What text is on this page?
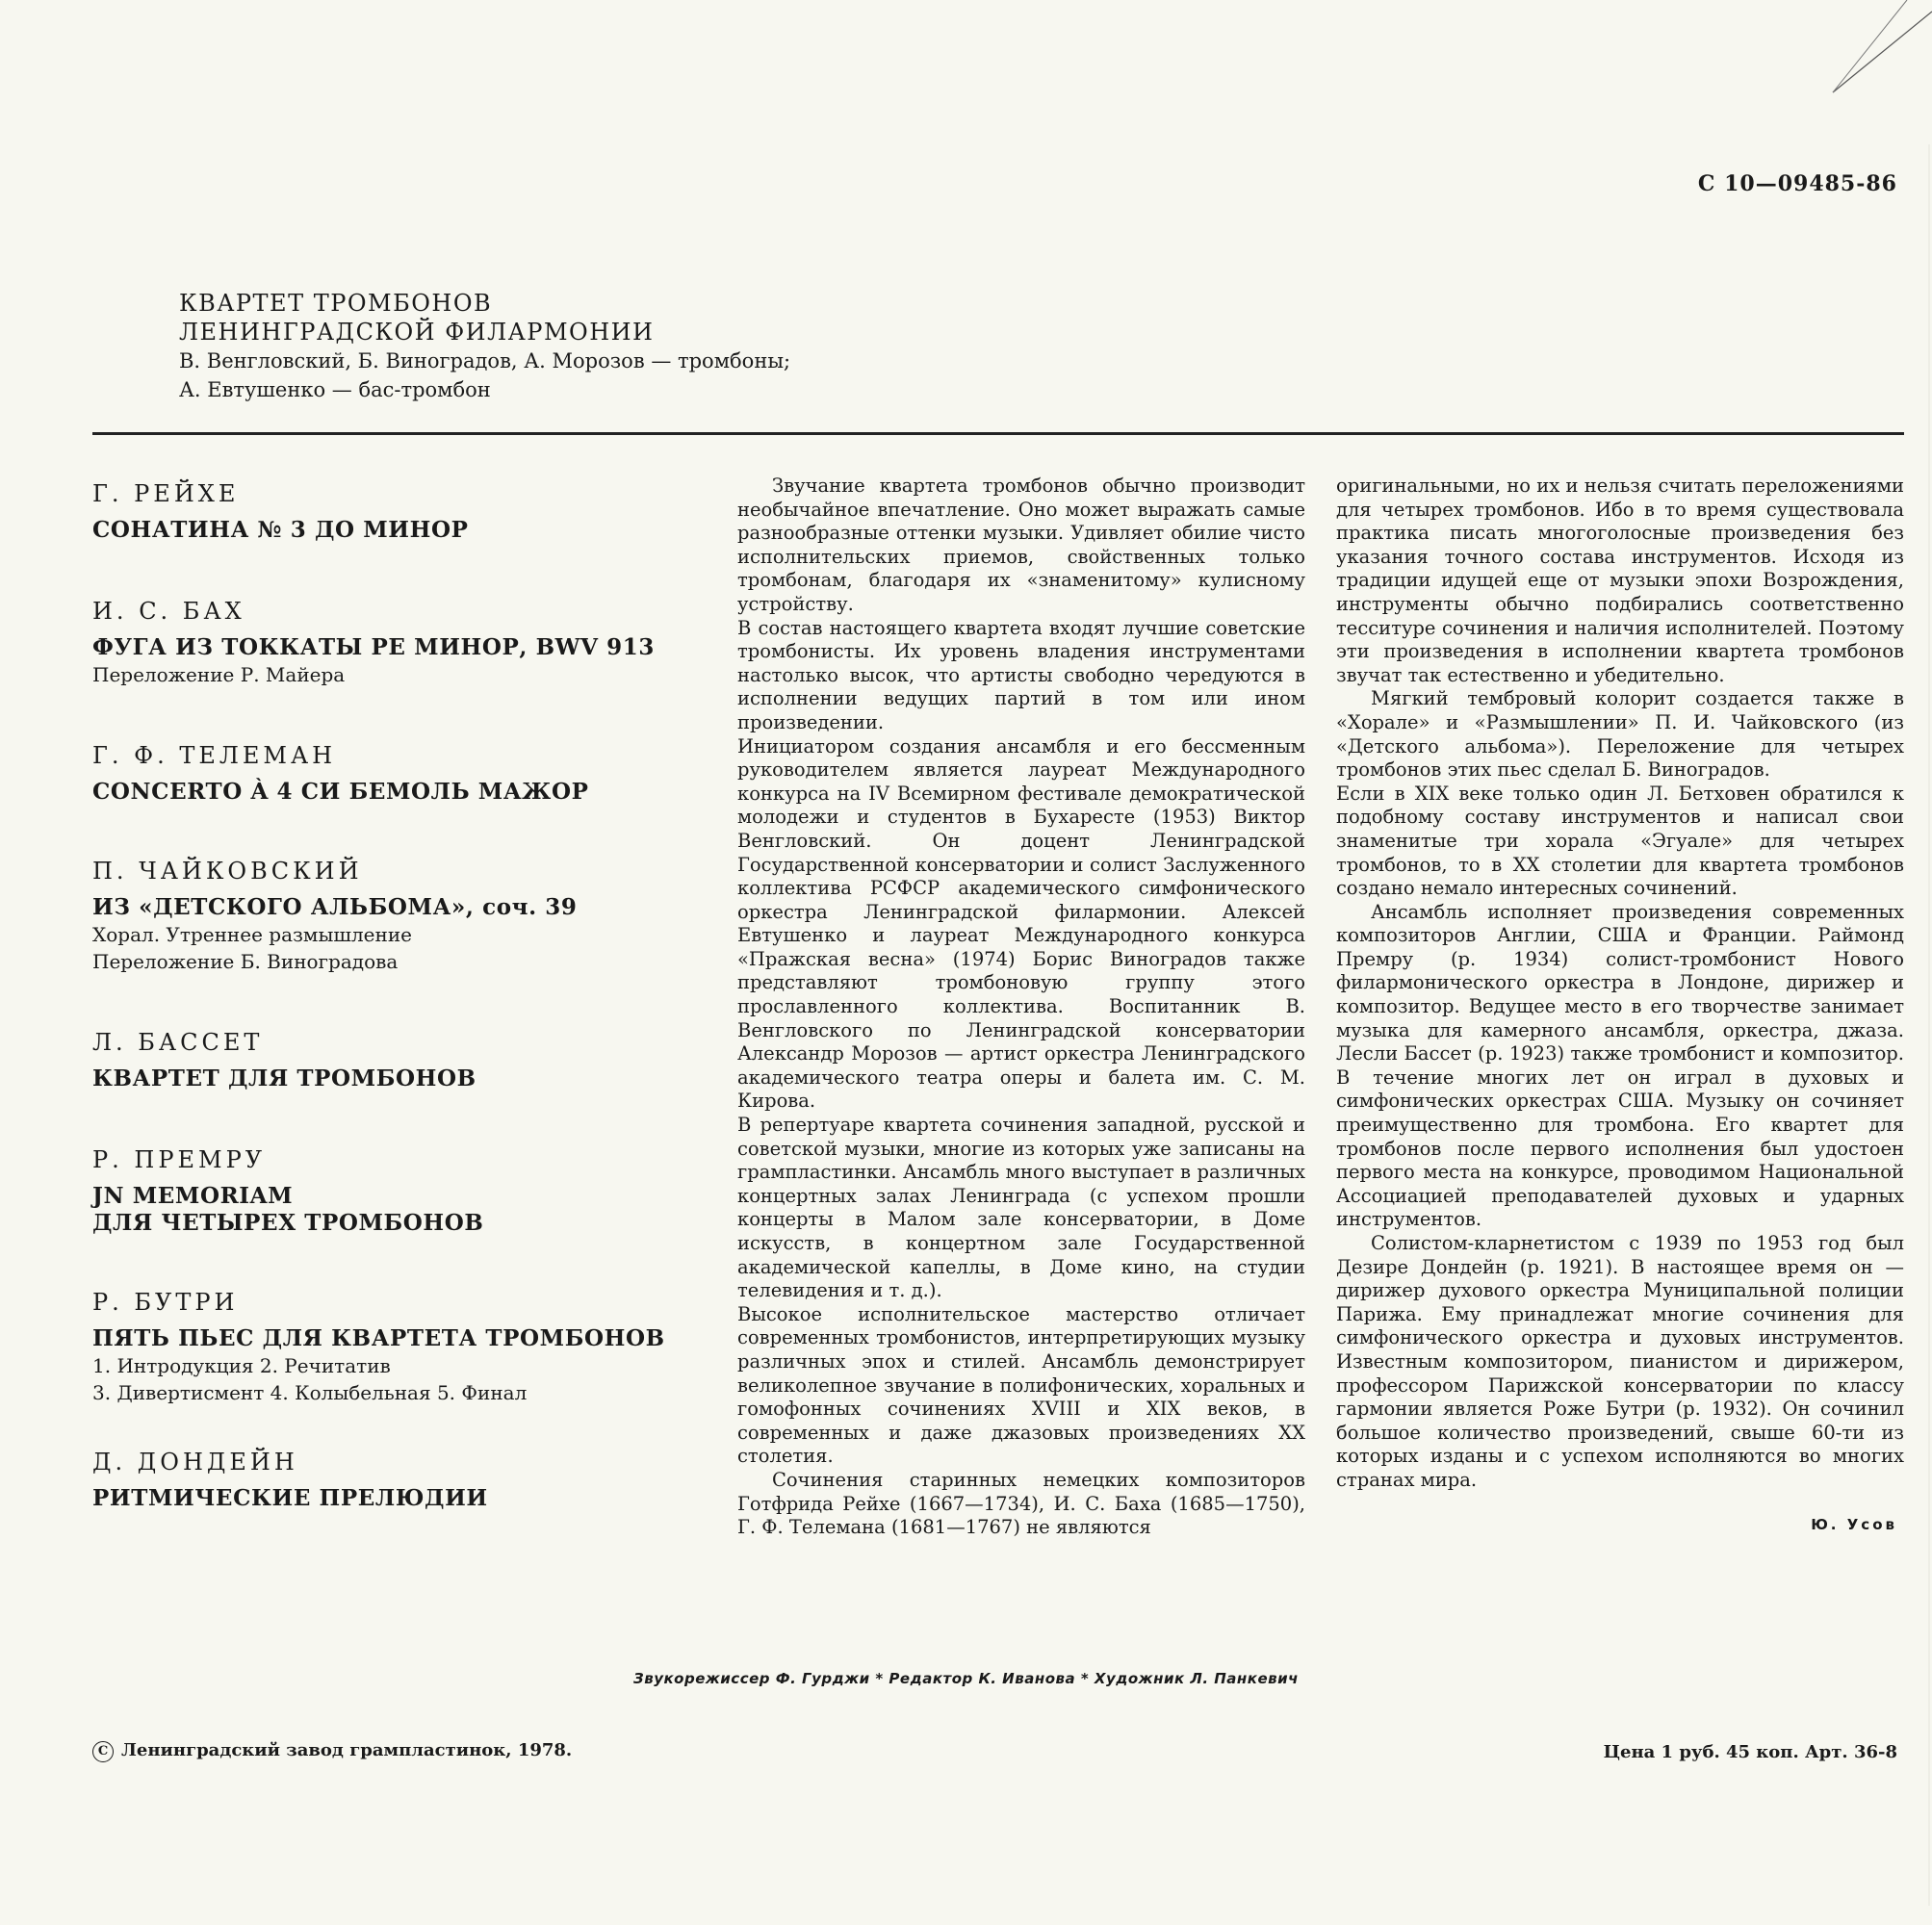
С 10—09485-86
КВАРТЕТ ТРОМБОНОВ
ЛЕНИНГРАДСКОЙ ФИЛАРМОНИИ
В. Венгловский, Б. Виноградов, А. Морозов — тромбоны;
А. Евтушенко — бас-тромбон
Г. РЕЙХЕ
СОНАТИНА № 3 ДО МИНОР
И. С. БАХ
ФУГА ИЗ ТОККАТЫ РЕ МИНОР, BWV 913
Переложение Р. Майера
Г. Ф. ТЕЛЕМАН
CONCERTO À 4 СИ БЕМОЛЬ МАЖОР
П. ЧАЙКОВСКИЙ
ИЗ «ДЕТСКОГО АЛЬБОМА», соч. 39
Хорал. Утреннее размышление
Переложение Б. Виноградова
Л. БАССЕТ
КВАРТЕТ ДЛЯ ТРОМБОНОВ
Р. ПРЕМРУ
JN MEMORIAM
ДЛЯ ЧЕТЫРЕХ ТРОМБОНОВ
Р. БУТРИ
ПЯТЬ ПЬЕС ДЛЯ КВАРТЕТА ТРОМБОНОВ
1. Интродукция 2. Речитатив
3. Дивертисмент 4. Колыбельная 5. Финал
Д. ДОНДЕЙН
РИТМИЧЕСКИЕ ПРЕЛЮДИИ

Звучание квартета тромбонов обычно производит необычайное впечатление. Оно может выражать самые разнообразные оттенки музыки. Удивляет обилие чисто исполнительских приемов, свойственных только тромбонам, благодаря их «знаменитому» кулисному устройству.

В состав настоящего квартета входят лучшие советские тромбонисты. Их уровень владения инструментами настолько высок, что артисты свободно чередуются в исполнении ведущих партий в том или ином произведении.

Инициатором создания ансамбля и его бессменным руководителем является лауреат Международного конкурса на IV Всемирном фестивале демократической молодежи и студентов в Бухаресте (1953) Виктор Венгловский. Он доцент Ленинградской Государственной консерватории и солист Заслуженного коллектива РСФСР академического симфонического оркестра Ленинградской филармонии. Алексей Евтушенко и лауреат Международного конкурса «Пражская весна» (1974) Борис Виноградов также представляют тромбоновую группу этого прославленного коллектива. Воспитанник В. Венгловского по Ленинградской консерватории Александр Морозов — артист оркестра Ленинградского академического театра оперы и балета им. С. М. Кирова.

В репертуаре квартета сочинения западной, русской и советской музыки, многие из которых уже записаны на грампластинки. Ансамбль много выступает в различных концертных залах Ленинграда (с успехом прошли концерты в Малом зале консерватории, в Доме искусств, в концертном зале Государственной академической капеллы, в Доме кино, на студии телевидения и т. д.).

Высокое исполнительское мастерство отличает современных тромбонистов, интерпретирующих музыку различных эпох и стилей. Ансамбль демонстрирует великолепное звучание в полифонических, хоральных и гомофонных сочинениях XVIII и XIX веков, в современных и даже джазовых произведениях XX столетия.

Сочинения старинных немецких композиторов Готфрида Рейхе (1667—1734), И. С. Баха (1685—1750), Г. Ф. Телемана (1681—1767) не являются

оригинальными, но их и нельзя считать переложениями для четырех тромбонов. Ибо в то время существовала практика писать многоголосные произведения без указания точного состава инструментов. Исходя из традиции идущей еще от музыки эпохи Возрождения, инструменты обычно подбирались соответственно тесситуре сочинения и наличия исполнителей. Поэтому эти произведения в исполнении квартета тромбонов звучат так естественно и убедительно.

Мягкий тембровый колорит создается также в «Хорале» и «Размышлении» П. И. Чайковского (из «Детского альбома»). Переложение для четырех тромбонов этих пьес сделал Б. Виноградов.

Если в XIX веке только один Л. Бетховен обратился к подобному составу инструментов и написал свои знаменитые три хорала «Эгуале» для четырех тромбонов, то в XX столетии для квартета тромбонов создано немало интересных сочинений.

Ансамбль исполняет произведения современных композиторов Англии, США и Франции. Раймонд Премру (р. 1934) солист-тромбонист Нового филармонического оркестра в Лондоне, дирижер и композитор. Ведущее место в его творчестве занимает музыка для камерного ансамбля, оркестра, джаза. Лесли Бассет (р. 1923) также тромбонист и композитор. В течение многих лет он играл в духовых и симфонических оркестрах США. Музыку он сочиняет преимущественно для тромбона. Его квартет для тромбонов после первого исполнения был удостоен первого места на конкурсе, проводимом Национальной Ассоциацией преподавателей духовых и ударных инструментов.

Солистом-кларнетистом с 1939 по 1953 год был Дезире Дондейн (р. 1921). В настоящее время он — дирижер духового оркестра Муниципальной полиции Парижа. Ему принадлежат многие сочинения для симфонического оркестра и духовых инструментов. Известным композитором, пианистом и дирижером, профессором Парижской консерватории по классу гармонии является Роже Бутри (р. 1932). Он сочинил большое количество произведений, свыше 60-ти из которых изданы и с успехом исполняются во многих странах мира.

Ю. Усов
Звукорежиссер Ф. Гурджи * Редактор К. Иванова * Художник Л. Панкевич
C Ленинградский завод грампластинок, 1978.	Цена 1 руб. 45 коп. Арт. 36-8
